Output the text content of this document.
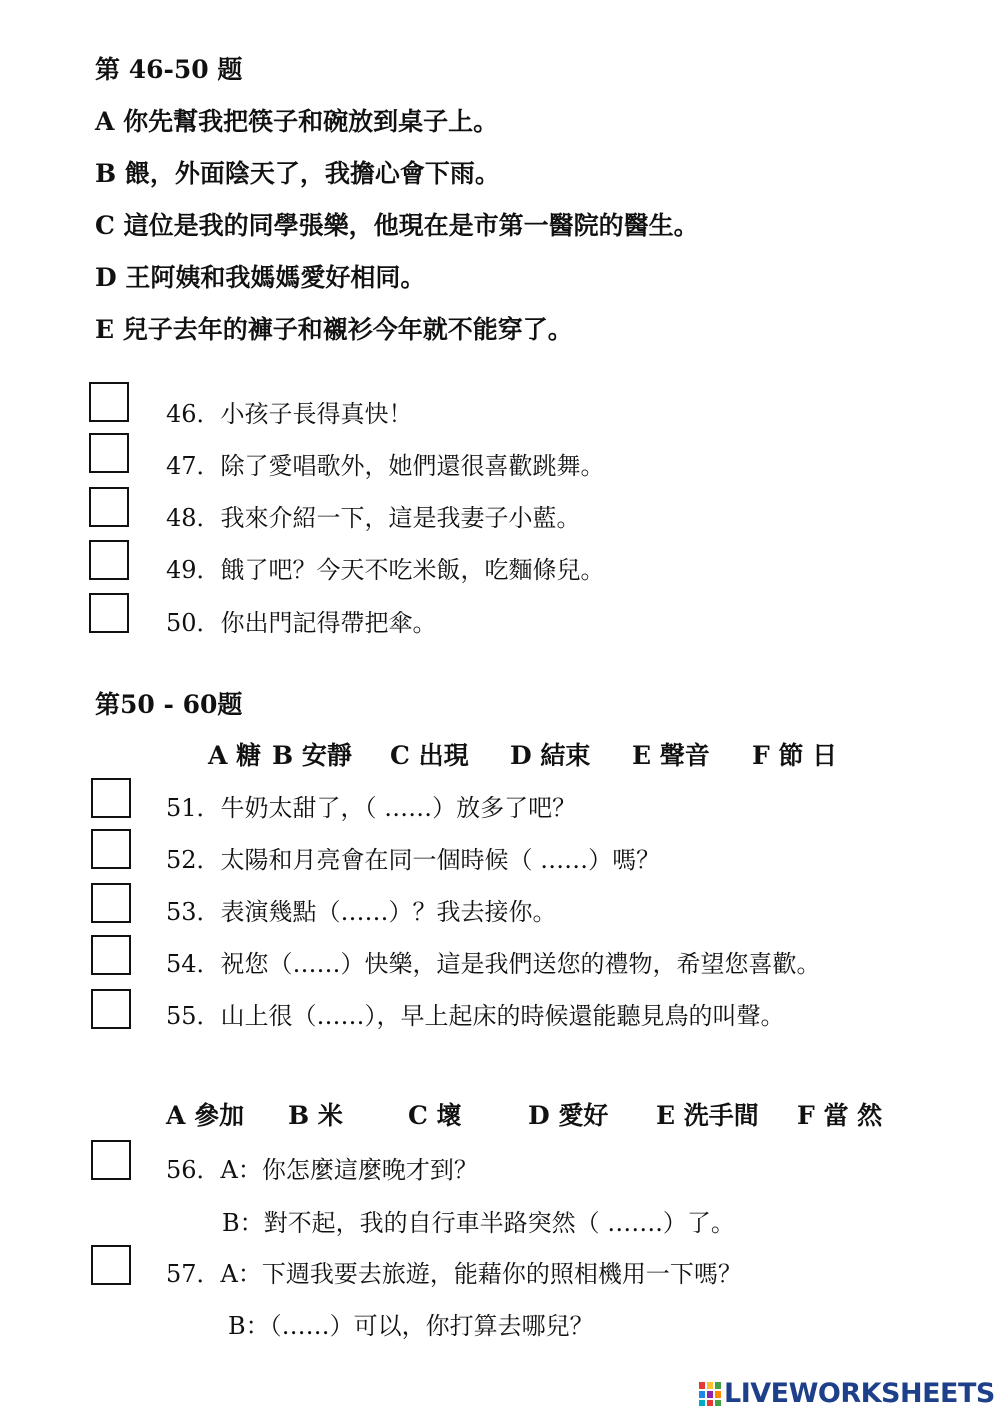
第 46-50 题
A 你先幫我把筷子和碗放到桌子上。
B 餵，外面陰天了，我擔心會下雨。
C 這位是我的同學張樂，他現在是市第一醫院的醫生。
D 王阿姨和我媽媽愛好相同。
E 兒子去年的褲子和襯衫今年就不能穿了。
46．小孩子長得真快！
47．除了愛唱歌外，她們還很喜歡跳舞。
48．我來介紹一下，這是我妻子小藍。
49．餓了吧？今天不吃米飯，吃麵條兒。
50．你出門記得帶把傘。
第50 - 60题
A 糖 B 安靜 C 出現 D 結束 E 聲音 F 節 日
51．牛奶太甜了，（ ……）放多了吧？
52．太陽和月亮會在同一個時候（ ……）嗎？
53．表演幾點（……）？我去接你。
54．祝您（……）快樂，這是我們送您的禮物，希望您喜歡。
55．山上很（……），早上起床的時候還能聽見鳥的叫聲。
A 參加 B 米	C 壞	D 愛好 E 洗手間 F 當 然
56．A：你怎麼這麼晚才到？
B：對不起，我的自行車半路突然（ …….）了。
57．A：下週我要去旅遊，能藉你的照相機用一下嗎？
B：（……）可以，你打算去哪兒？
LIVEWORKSHEETS
